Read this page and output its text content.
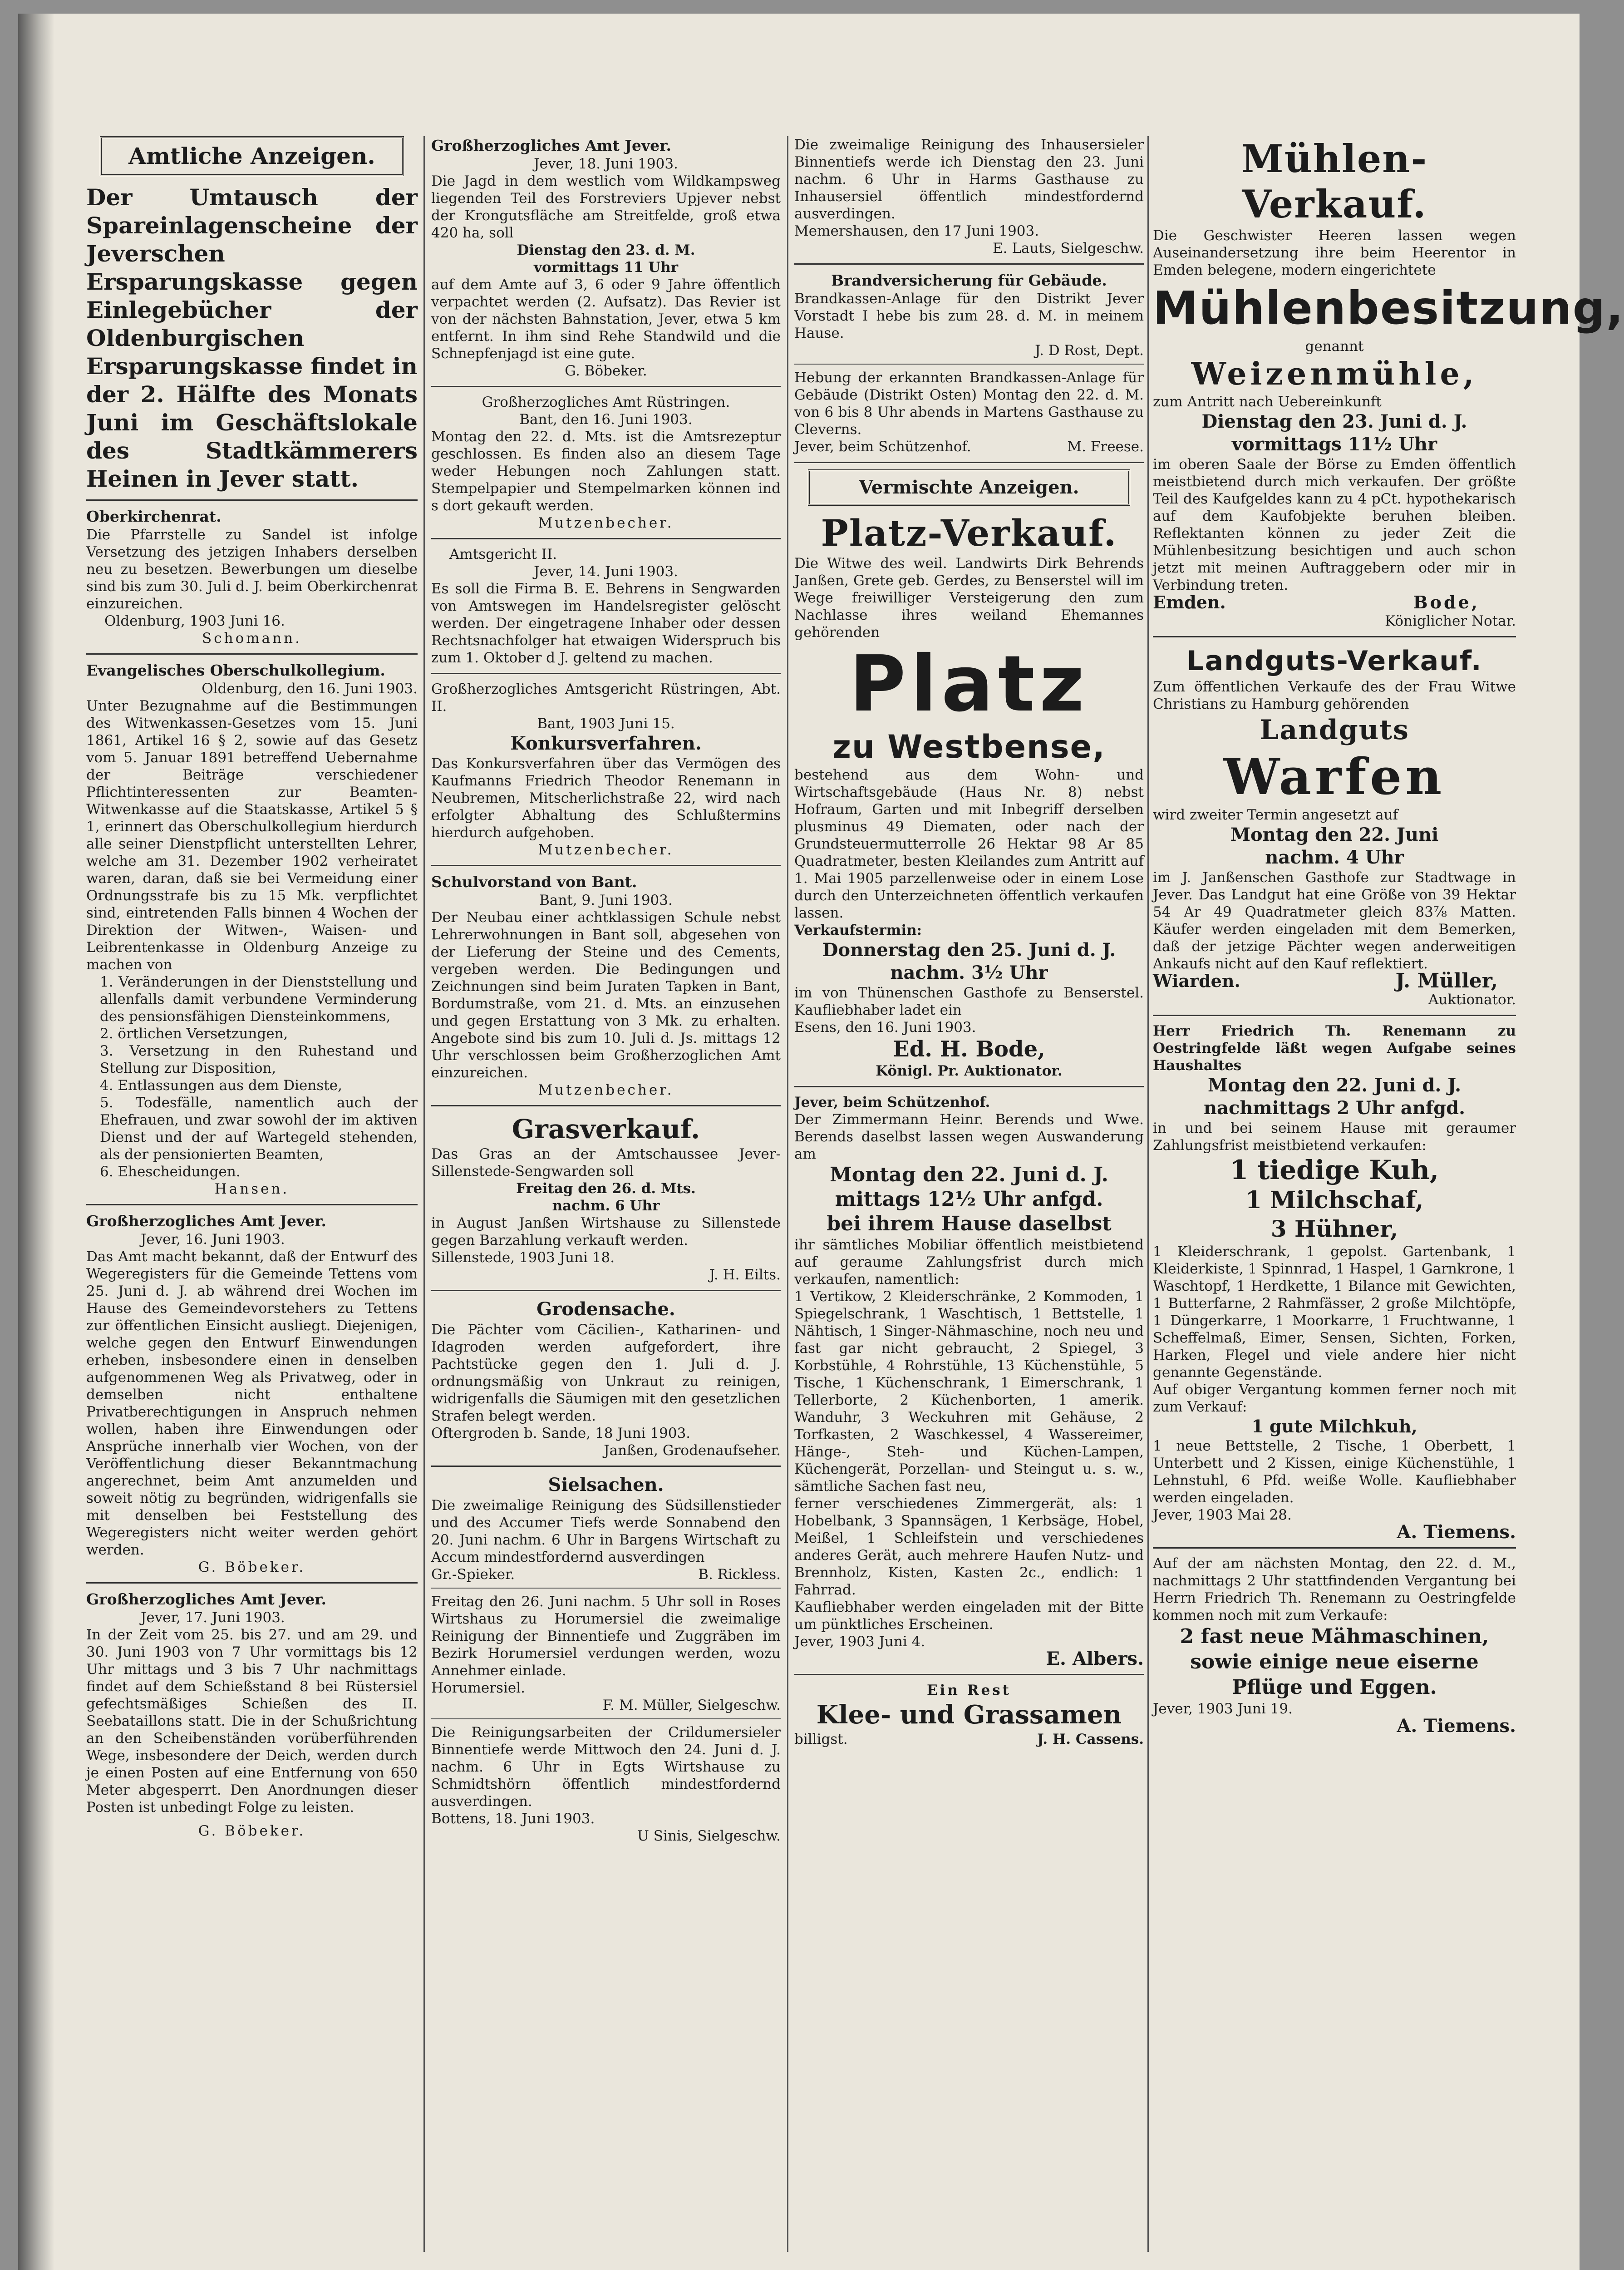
Amtliche Anzeigen.

Der Umtausch der Spareinlagenscheine der Jeverschen Ersparungskasse gegen Einlegebücher der Oldenburgischen Ersparungskasse findet in der 2. Hälfte des Monats Juni im Geschäftslokale des Stadtkämmerers Heinen in Jever statt.

Oberkirchenrat.

Die Pfarrstelle zu Sandel ist infolge Versetzung des jetzigen Inhabers derselben neu zu besetzen. Bewerbungen um dieselbe sind bis zum 30. Juli d. J. beim Oberkirchenrat einzureichen.

Oldenburg, 1903 Juni 16.

Schomann.

Evangelisches Oberschulkollegium.

Oldenburg, den 16. Juni 1903.

Unter Bezugnahme auf die Bestimmungen des Witwenkassen-Gesetzes vom 15. Juni 1861, Artikel 16 § 2, sowie auf das Gesetz vom 5. Januar 1891 betreffend Uebernahme der Beiträge verschiedener Pflichtinteressenten zur Beamten-Witwenkasse auf die Staatskasse, Artikel 5 § 1, erinnert das Oberschulkollegium hierdurch alle seiner Dienstpflicht unterstellten Lehrer, welche am 31. Dezember 1902 verheiratet waren, daran, daß sie bei Vermeidung einer Ordnungsstrafe bis zu 15 Mk. verpflichtet sind, eintretenden Falls binnen 4 Wochen der Direktion der Witwen-, Waisen- und Leibrentenkasse in Oldenburg Anzeige zu machen von

1. Veränderungen in der Dienststellung und allenfalls damit verbundene Verminderung des pensionsfähigen Diensteinkommens,

2. örtlichen Versetzungen,

3. Versetzung in den Ruhestand und Stellung zur Disposition,

4. Entlassungen aus dem Dienste,

5. Todesfälle, namentlich auch der Ehefrauen, und zwar sowohl der im aktiven Dienst und der auf Wartegeld stehenden, als der pensionierten Beamten,

6. Ehescheidungen.

Hansen.

Großherzogliches Amt Jever.

Jever, 16. Juni 1903.

Das Amt macht bekannt, daß der Entwurf des Wegeregisters für die Gemeinde Tettens vom 25. Juni d. J. ab während drei Wochen im Hause des Gemeindevorstehers zu Tettens zur öffentlichen Einsicht ausliegt. Diejenigen, welche gegen den Entwurf Einwendungen erheben, insbesondere einen in denselben aufgenommenen Weg als Privatweg, oder in demselben nicht enthaltene Privatberechtigungen in Anspruch nehmen wollen, haben ihre Einwendungen oder Ansprüche innerhalb vier Wochen, von der Veröffentlichung dieser Bekanntmachung angerechnet, beim Amt anzumelden und soweit nötig zu begründen, widrigenfalls sie mit denselben bei Feststellung des Wegeregisters nicht weiter werden gehört werden.

G. Böbeker.

Großherzogliches Amt Jever.

Jever, 17. Juni 1903.

In der Zeit vom 25. bis 27. und am 29. und 30. Juni 1903 von 7 Uhr vormittags bis 12 Uhr mittags und 3 bis 7 Uhr nachmittags findet auf dem Schießstand 8 bei Rüstersiel gefechtsmäßiges Schießen des II. Seebataillons statt. Die in der Schußrichtung an den Scheibenständen vorüberführenden Wege, insbesondere der Deich, werden durch je einen Posten auf eine Entfernung von 650 Meter abgesperrt. Den Anordnungen dieser Posten ist unbedingt Folge zu leisten.

G. Böbeker.

Großherzogliches Amt Jever.

Jever, 18. Juni 1903.

Die Jagd in dem westlich vom Wildkampsweg liegenden Teil des Forstreviers Upjever nebst der Krongutsfläche am Streitfelde, groß etwa 420 ha, soll

Dienstag den 23. d. M.

vormittags 11 Uhr

auf dem Amte auf 3, 6 oder 9 Jahre öffentlich verpachtet werden (2. Aufsatz). Das Revier ist von der nächsten Bahnstation, Jever, etwa 5 km entfernt. In ihm sind Rehe Standwild und die Schnepfenjagd ist eine gute.

G. Böbeker.

Großherzogliches Amt Rüstringen.

Bant, den 16. Juni 1903.

Montag den 22. d. Mts. ist die Amtsrezeptur geschlossen. Es finden also an diesem Tage weder Hebungen noch Zahlungen statt. Stempelpapier und Stempelmarken können ind s dort gekauft werden.

Mutzenbecher.

Amtsgericht II.

Jever, 14. Juni 1903.

Es soll die Firma B. E. Behrens in Sengwarden von Amtswegen im Handelsregister gelöscht werden. Der eingetragene Inhaber oder dessen Rechtsnachfolger hat etwaigen Widerspruch bis zum 1. Oktober d J. geltend zu machen.

Großherzogliches Amtsgericht Rüstringen, Abt. II.

Bant, 1903 Juni 15.

Konkursverfahren.

Das Konkursverfahren über das Vermögen des Kaufmanns Friedrich Theodor Renemann in Neubremen, Mitscherlichstraße 22, wird nach erfolgter Abhaltung des Schlußtermins hierdurch aufgehoben.

Mutzenbecher.

Schulvorstand von Bant.

Bant, 9. Juni 1903.

Der Neubau einer achtklassigen Schule nebst Lehrerwohnungen in Bant soll, abgesehen von der Lieferung der Steine und des Cements, vergeben werden. Die Bedingungen und Zeichnungen sind beim Juraten Tapken in Bant, Bordumstraße, vom 21. d. Mts. an einzusehen und gegen Erstattung von 3 Mk. zu erhalten. Angebote sind bis zum 10. Juli d. Js. mittags 12 Uhr verschlossen beim Großherzoglichen Amt einzureichen.

Mutzenbecher.

Grasverkauf.

Das Gras an der Amtschaussee Jever-Sillenstede-Sengwarden soll

Freitag den 26. d. Mts.

nachm. 6 Uhr

in August Janßen Wirtshause zu Sillenstede gegen Barzahlung verkauft werden.

Sillenstede, 1903 Juni 18.

J. H. Eilts.

Grodensache.

Die Pächter vom Cäcilien-, Katharinen- und Idagroden werden aufgefordert, ihre Pachtstücke gegen den 1. Juli d. J. ordnungsmäßig von Unkraut zu reinigen, widrigenfalls die Säumigen mit den gesetzlichen Strafen belegt werden.

Oftergroden b. Sande, 18 Juni 1903.

Janßen, Grodenaufseher.

Sielsachen.

Die zweimalige Reinigung des Südsillenstieder und des Accumer Tiefs werde Sonnabend den 20. Juni nachm. 6 Uhr in Bargens Wirtschaft zu Accum mindestfordernd ausverdingen

Gr.-Spieker.	B. Rickless.

Freitag den 26. Juni nachm. 5 Uhr soll in Roses Wirtshaus zu Horumersiel die zweimalige Reinigung der Binnentiefe und Zuggräben im Bezirk Horumersiel verdungen werden, wozu Annehmer einlade.

Horumersiel.

F. M. Müller, Sielgeschw.

Die Reinigungsarbeiten der Crildumersieler Binnentiefe werde Mittwoch den 24. Juni d. J. nachm. 6 Uhr in Egts Wirtshause zu Schmidtshörn öffentlich mindestfordernd ausverdingen.

Bottens, 18. Juni 1903.

U Sinis, Sielgeschw.

Die zweimalige Reinigung des Inhausersieler Binnentiefs werde ich Dienstag den 23. Juni nachm. 6 Uhr in Harms Gasthause zu Inhausersiel öffentlich mindestfordernd ausverdingen.

Memershausen, den 17 Juni 1903.

E. Lauts, Sielgeschw.

Brandversicherung für Gebäude.

Brandkassen-Anlage für den Distrikt Jever Vorstadt I hebe bis zum 28. d. M. in meinem Hause.

J. D Rost, Dept.

Hebung der erkannten Brandkassen-Anlage für Gebäude (Distrikt Osten) Montag den 22. d. M. von 6 bis 8 Uhr abends in Martens Gasthause zu Cleverns.

Jever, beim Schützenhof.	M. Freese.

Vermischte Anzeigen.

Platz-Verkauf.

Die Witwe des weil. Landwirts Dirk Behrends Janßen, Grete geb. Gerdes, zu Benserstel will im Wege freiwilliger Versteigerung den zum Nachlasse ihres weiland Ehemannes gehörenden

Platz

zu Westbense,

bestehend aus dem Wohn- und Wirtschaftsgebäude (Haus Nr. 8) nebst Hofraum, Garten und mit Inbegriff derselben plusminus 49 Diematen, oder nach der Grundsteuermutterrolle 26 Hektar 98 Ar 85 Quadratmeter, besten Kleilandes zum Antritt auf 1. Mai 1905 parzellenweise oder in einem Lose durch den Unterzeichneten öffentlich verkaufen lassen.

Verkaufstermin:

Donnerstag den 25. Juni d. J.

nachm. 3½ Uhr

im von Thünenschen Gasthofe zu Benserstel. Kaufliebhaber ladet ein

Esens, den 16. Juni 1903.

Ed. H. Bode,

Königl. Pr. Auktionator.

Jever, beim Schützenhof.

Der Zimmermann Heinr. Berends und Wwe. Berends daselbst lassen wegen Auswanderung am

Montag den 22. Juni d. J.

mittags 12½ Uhr anfgd.

bei ihrem Hause daselbst

ihr sämtliches Mobiliar öffentlich meistbietend auf geraume Zahlungsfrist durch mich verkaufen, namentlich:

1 Vertikow, 2 Kleiderschränke, 2 Kommoden, 1 Spiegelschrank, 1 Waschtisch, 1 Bettstelle, 1 Nähtisch, 1 Singer-Nähmaschine, noch neu und fast gar nicht gebraucht, 2 Spiegel, 3 Korbstühle, 4 Rohrstühle, 13 Küchenstühle, 5 Tische, 1 Küchenschrank, 1 Eimerschrank, 1 Tellerborte, 2 Küchenborten, 1 amerik. Wanduhr, 3 Weckuhren mit Gehäuse, 2 Torfkasten, 2 Waschkessel, 4 Wassereimer, Hänge-, Steh- und Küchen-Lampen, Küchengerät, Porzellan- und Steingut u. s. w., sämtliche Sachen fast neu,

ferner verschiedenes Zimmergerät, als: 1 Hobelbank, 3 Spannsägen, 1 Kerbsäge, Hobel, Meißel, 1 Schleifstein und verschiedenes anderes Gerät, auch mehrere Haufen Nutz- und Brennholz, Kisten, Kasten 2c., endlich: 1 Fahrrad.

Kaufliebhaber werden eingeladen mit der Bitte um pünktliches Erscheinen.

Jever, 1903 Juni 4.

E. Albers.

Ein Rest

Klee- und Grassamen

billigst.	J. H. Cassens.

Mühlen-Verkauf.

Die Geschwister Heeren lassen wegen Auseinandersetzung ihre beim Heerentor in Emden belegene, modern eingerichtete

Mühlenbesitzung,

genannt

Weizenmühle,

zum Antritt nach Uebereinkunft

Dienstag den 23. Juni d. J.

vormittags 11½ Uhr

im oberen Saale der Börse zu Emden öffentlich meistbietend durch mich verkaufen. Der größte Teil des Kaufgeldes kann zu 4 pCt. hypothekarisch auf dem Kaufobjekte beruhen bleiben. Reflektanten können zu jeder Zeit die Mühlenbesitzung besichtigen und auch schon jetzt mit meinen Auftraggebern oder mir in Verbindung treten.

Emden.	Bode,

Königlicher Notar.

Landguts-Verkauf.

Zum öffentlichen Verkaufe des der Frau Witwe Christians zu Hamburg gehörenden

Landguts

Warfen

wird zweiter Termin angesetzt auf

Montag den 22. Juni

nachm. 4 Uhr

im J. Janßenschen Gasthofe zur Stadtwage in Jever. Das Landgut hat eine Größe von 39 Hektar 54 Ar 49 Quadratmeter gleich 83⅞ Matten. Käufer werden eingeladen mit dem Bemerken, daß der jetzige Pächter wegen anderweitigen Ankaufs nicht auf den Kauf reflektiert.

Wiarden.	J. Müller,

Auktionator.

Herr Friedrich Th. Renemann zu Oestringfelde läßt wegen Aufgabe seines Haushaltes

Montag den 22. Juni d. J.

nachmittags 2 Uhr anfgd.

in und bei seinem Hause mit geraumer Zahlungsfrist meistbietend verkaufen:

1 tiedige Kuh,

1 Milchschaf,

3 Hühner,

1 Kleiderschrank, 1 gepolst. Gartenbank, 1 Kleiderkiste, 1 Spinnrad, 1 Haspel, 1 Garnkrone, 1 Waschtopf, 1 Herdkette, 1 Bilance mit Gewichten, 1 Butterfarne, 2 Rahmfässer, 2 große Milchtöpfe, 1 Düngerkarre, 1 Moorkarre, 1 Fruchtwanne, 1 Scheffelmaß, Eimer, Sensen, Sichten, Forken, Harken, Flegel und viele andere hier nicht genannte Gegenstände.

Auf obiger Vergantung kommen ferner noch mit zum Verkauf:

1 gute Milchkuh,

1 neue Bettstelle, 2 Tische, 1 Oberbett, 1 Unterbett und 2 Kissen, einige Küchenstühle, 1 Lehnstuhl, 6 Pfd. weiße Wolle. Kaufliebhaber werden eingeladen.

Jever, 1903 Mai 28.

A. Tiemens.

Auf der am nächsten Montag, den 22. d. M., nachmittags 2 Uhr stattfindenden Vergantung bei Herrn Friedrich Th. Renemann zu Oestringfelde kommen noch mit zum Verkaufe:

2 fast neue Mähmaschinen, sowie einige neue eiserne Pflüge und Eggen.

Jever, 1903 Juni 19.

A. Tiemens.
